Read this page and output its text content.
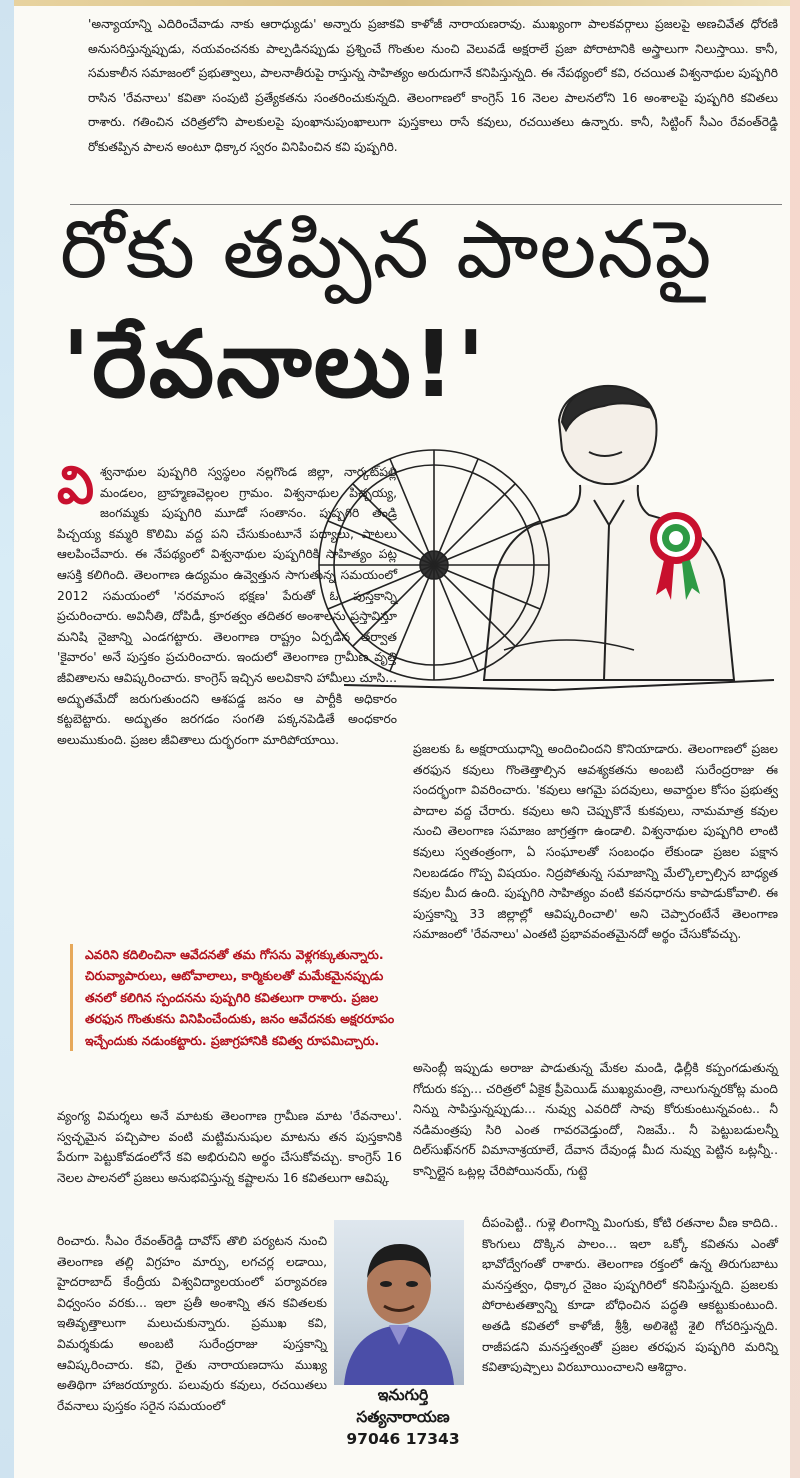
'అన్యాయాన్ని ఎదిరించేవాడు నాకు ఆరాధ్యుడు' అన్నారు ప్రజాకవి కాళోజీ నారాయణరావు. ముఖ్యంగా పాలకవర్గాలు ప్రజలపై అణచివేత ధోరణి అనుసరిస్తున్నప్పుడు, నయవంచనకు పాల్పడినప్పుడు ప్రశ్నించే గొంతుల నుంచి వెలువడే అక్షరాలే ప్రజా పోరాటానికి అస్త్రాలుగా నిలుస్తాయి. కానీ, సమకాలీన సమాజంలో ప్రభుత్వాలు, పాలనాతీరుపై రాస్తున్న సాహిత్యం అరుదుగానే కనిపిస్తున్నది. ఈ నేపథ్యంలో కవి, రచయిత విశ్వనాథుల పుష్పగిరి రాసిన 'రేవనాలు' కవితా సంపుటి ప్రత్యేకతను సంతరించుకున్నది. తెలంగాణలో కాంగ్రెస్ 16 నెలల పాలనలోని 16 అంశాలపై పుష్పగిరి కవితలు రాశారు. గతించిన చరిత్రలోని పాలకులపై పుంఖానుపుంఖాలుగా పుస్తకాలు రాసే కవులు, రచయితలు ఉన్నారు. కానీ, సిట్టింగ్ సీఎం రేవంత్‌రెడ్డి రోకుతప్పిన పాలన అంటూ ధిక్కార స్వరం వినిపించిన కవి పుష్పగిరి.

రోకు తప్పిన పాలనపై
'రేవనాలు!'
వి శ్వనాథుల పుష్పగిరి స్వస్థలం నల్లగొండ జిల్లా, నార్కట్‌పల్లి మండలం, బ్రాహ్మణవెల్లంల గ్రామం. విశ్వనాథుల పిచ్చయ్య, జంగమ్మకు పుష్పగిరి మూడో సంతానం. పుష్పగిరి తండ్రి పిచ్చయ్య కమ్మరి కొలిమి వద్ద పని చేసుకుంటూనే పద్యాలు, పాటలు ఆలపించేవారు. ఈ నేపథ్యంలో విశ్వనాథుల పుష్పగిరికి సాహిత్యం పట్ల ఆసక్తి కలిగింది. తెలంగాణ ఉద్యమం ఉవ్వెత్తున సాగుతున్న సమయంలో 2012 సమయంలో 'నరమాంస భక్షణ' పేరుతో ఓ పుస్తకాన్ని ప్రచురించారు. అవినీతి, దోపిడీ, క్రూరత్వం తదితర అంశాలను ప్రస్తావిస్తూ మనిషి నైజాన్ని ఎండగట్టారు. తెలంగాణ రాష్ట్రం ఏర్పడిన తర్వాత 'కైవారం' అనే పుస్తకం ప్రచురించారు. ఇందులో తెలంగాణ గ్రామీణ వృత్తి జీవితాలను ఆవిష్కరించారు. కాంగ్రెస్ ఇచ్చిన అలవికాని హామీలు చూసి... అద్భుతమేదో జరుగుతుందని ఆశపడ్డ జనం ఆ పార్టీకి అధికారం కట్టబెట్టారు. అద్భుతం జరగడం సంగతి పక్కనపెడితే అంధకారం అలుముకుంది. ప్రజల జీవితాలు దుర్భరంగా మారిపోయాయి.

ఎవరిని కదిలించినా ఆవేదనతో తమ గోసను వెళ్లగక్కుతున్నారు. చిరువ్యాపారులు, ఆటోవాలాలు, కార్మికులతో మమేకమైనప్పుడు తనలో కలిగిన స్పందనను పుష్పగిరి కవితలుగా రాశారు. ప్రజల తరఫున గొంతుకను వినిపించేందుకు, జనం ఆవేదనకు అక్షరరూపం ఇచ్చేందుకు నడుంకట్టారు. ప్రజాగ్రహానికి కవిత్వ రూపమిచ్చారు.

వ్యంగ్య విమర్శలు అనే మాటకు తెలంగాణ గ్రామీణ మాట 'రేవనాలు'. స్వచ్ఛమైన పచ్చిపాల వంటి మట్టిమనుషుల మాటను తన పుస్తకానికి పేరుగా పెట్టుకోవడంలోనే కవి అభిరుచిని అర్థం చేసుకోవచ్చు. కాంగ్రెస్ 16 నెలల పాలనలో ప్రజలు అనుభవిస్తున్న కష్టాలను 16 కవితలుగా ఆవిష్క

రించారు. సీఎం రేవంత్‌రెడ్డి దావోస్ తొలి పర్యటన నుంచి తెలంగాణ తల్లి విగ్రహం మార్పు, లగచర్ల లడాయి, హైదరాబాద్ కేంద్రీయ విశ్వవిద్యాలయంలో పర్యావరణ విధ్వంసం వరకు... ఇలా ప్రతీ అంశాన్ని తన కవితలకు ఇతివృత్తాలుగా మలుచుకున్నారు. ప్రముఖ కవి, విమర్శకుడు అంబటి సురేంద్రరాజు పుస్తకాన్ని ఆవిష్కరించారు. కవి, రైతు నారాయణదాసు ముఖ్య అతిథిగా హాజరయ్యారు. పలువురు కవులు, రచయితలు రేవనాలు పుస్తకం సరైన సమయంలో

ప్రజలకు ఓ అక్షరాయుధాన్ని అందించిందని కొనియాడారు. తెలంగాణలో ప్రజల తరఫున కవులు గొంతెత్తాల్సిన ఆవశ్యకతను అంబటి సురేంద్రరాజు ఈ సందర్భంగా వివరించారు. 'కవులు ఆగమై పదవులు, అవార్డుల కోసం ప్రభుత్వ పాదాల వద్ద చేరారు. కవులు అని చెప్పుకొనే కుకవులు, నామమాత్ర కవుల నుంచి తెలంగాణ సమాజం జాగ్రత్తగా ఉండాలి. విశ్వనాథుల పుష్పగిరి లాంటి కవులు స్వతంత్రంగా, ఏ సంఘాలతో సంబంధం లేకుండా ప్రజల పక్షాన నిలబడడం గొప్ప విషయం. నిద్రపోతున్న సమాజాన్ని మేల్కొల్పాల్సిన బాధ్యత కవుల మీద ఉంది. పుష్పగిరి సాహిత్యం వంటి కవనధారను కాపాడుకోవాలి. ఈ పుస్తకాన్ని 33 జిల్లాల్లో ఆవిష్కరించాలి' అని చెప్పారంటేనే తెలంగాణ సమాజంలో 'రేవనాలు' ఎంతటి ప్రభావవంతమైనదో అర్థం చేసుకోవచ్చు.

అసెంబ్లీ ఇప్పుడు అరాజు పాడుతున్న మేకల మండి, ఢిల్లీకి కప్పంగడుతున్న గోదురు కప్ప... చరిత్రలో ఏకైక ప్రీపెయిడ్ ముఖ్యమంత్రి, నాలుగున్నరకోట్ల మంది నిన్ను సాపిస్తున్నప్పుడు... నువ్వు ఎవరిదో సావు కోరుకుంటున్నవంట.. నీ నడిమంత్రపు సిరి ఎంత గావరవెడ్తుందో, నిజమే.. నీ పెట్టుబడులన్నీ దిల్‌సుఖ్‌నగర్ విమానాశ్రయాలే, దేవాన దేవుండ్ల మీద నువ్వు పెట్టిన ఒట్లన్నీ.. కాన్పిల్లైన ఒట్లల్ల చేరిపోయినయ్, గుట్టె

దీపంపెట్టి.. గుళ్లె లింగాన్ని మింగుకు, కోటి రతనాల వీణ కాదిది.. కొంగులు దొక్కిన పాలం... ఇలా ఒక్కో కవితను ఎంతో భావోద్వేగంతో రాశారు. తెలంగాణ రక్తంలో ఉన్న తిరుగుబాటు మనస్తత్వం, ధిక్కార నైజం పుష్పగిరిలో కనిపిస్తున్నది. ప్రజలకు పోరాటతత్వాన్ని కూడా బోధించిన పద్ధతి ఆకట్టుకుంటుంది. అతడి కవితలో కాళోజీ, శ్రీశ్రీ, అలిశెట్టి శైలి గోచరిస్తున్నది. రాజీపడని మనస్తత్వంతో ప్రజల తరఫున పుష్పగిరి మరిన్ని కవితాపుష్పాలు విరబూయించాలని ఆశిద్దాం.

ఇనుగుర్తి
సత్యనారాయణ
97046 17343
